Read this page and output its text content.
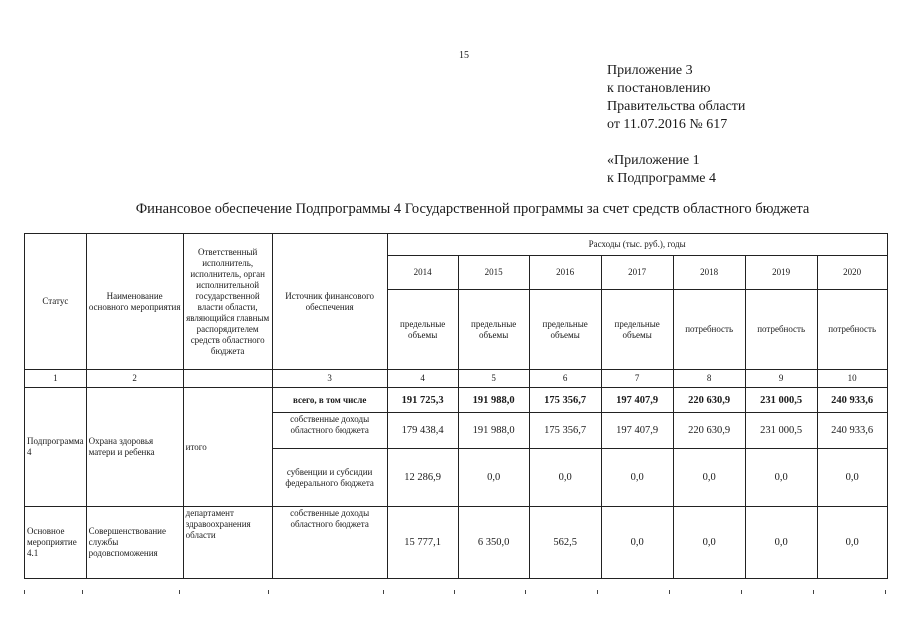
15
Приложение 3
к постановлению
Правительства области
от 11.07.2016 № 617
«Приложение 1
к Подпрограмме 4
Финансовое обеспечение Подпрограммы 4 Государственной программы за счет средств областного бюджета
Статус	Наименование основного мероприятия	Ответственный исполнитель, исполнитель, орган исполнительной государственной власти области, являющийся главным распорядителем средств областного бюджета	Источник финансового обеспечения	Расходы (тыс. руб.), годы						
				2014	2015	2016	2017	2018	2019	2020
				предельные объемы	предельные объемы	предельные объемы	предельные объемы	потребность	потребность	потребность
1	2		3	4	5	6	7	8	9	10
Подпрограмма 4	Охрана здоровья матери и ребенка	итого	всего, в том числе	191 725,3	191 988,0	175 356,7	197 407,9	220 630,9	231 000,5	240 933,6
			собственные доходы областного бюджета	179 438,4	191 988,0	175 356,7	197 407,9	220 630,9	231 000,5	240 933,6
			субвенции и субсидии федерального бюджета	12 286,9	0,0	0,0	0,0	0,0	0,0	0,0
Основное мероприятие 4.1	Совершенствование службы родовспоможения	департамент здравоохранения области	собственные доходы областного бюджета	15 777,1	6 350,0	562,5	0,0	0,0	0,0	0,0
